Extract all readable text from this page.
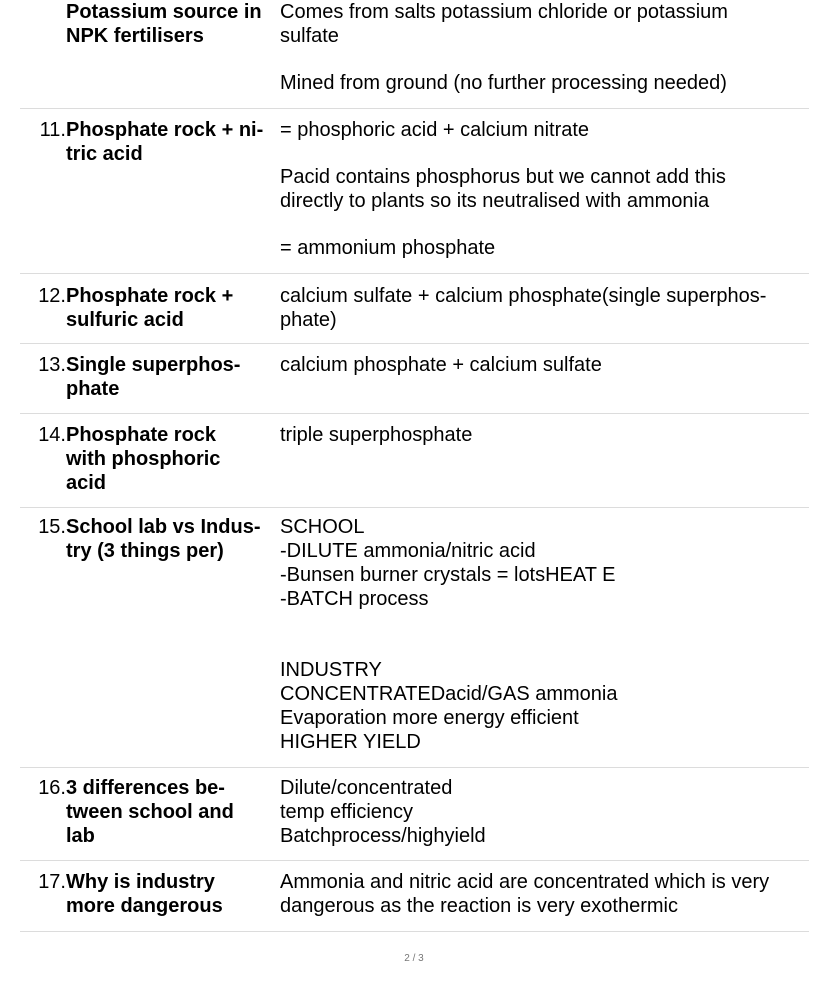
Potassium source in
NPK fertilisers
Comes from salts potassium chloride or potassium
sulfate
Mined from ground (no further processing needed)
11. Phosphate rock + ni-
tric acid
= phosphoric acid + calcium nitrate
Pacid contains phosphorus but we cannot add this
directly to plants so its neutralised with ammonia
= ammonium phosphate
12. Phosphate rock +
sulfuric acid
calcium sulfate + calcium phosphate(single superphos-
phate)
13. Single superphos-
phate
calcium phosphate + calcium sulfate
14. Phosphate rock
with phosphoric
acid
triple superphosphate
15. School lab vs Indus-
try (3 things per)

SCHOOL

-DILUTE ammonia/nitric acid

-Bunsen burner crystals = lotsHEAT E

-BATCH process

INDUSTRY

CONCENTRATEDacid/GAS ammonia

Evaporation more energy efficient

HIGHER YIELD

16. 3 differences be-
tween school and
lab

Dilute/concentrated

temp efficiency

Batchprocess/highyield

17. Why is industry
more dangerous
Ammonia and nitric acid are concentrated which is very
dangerous as the reaction is very exothermic
2 / 3
